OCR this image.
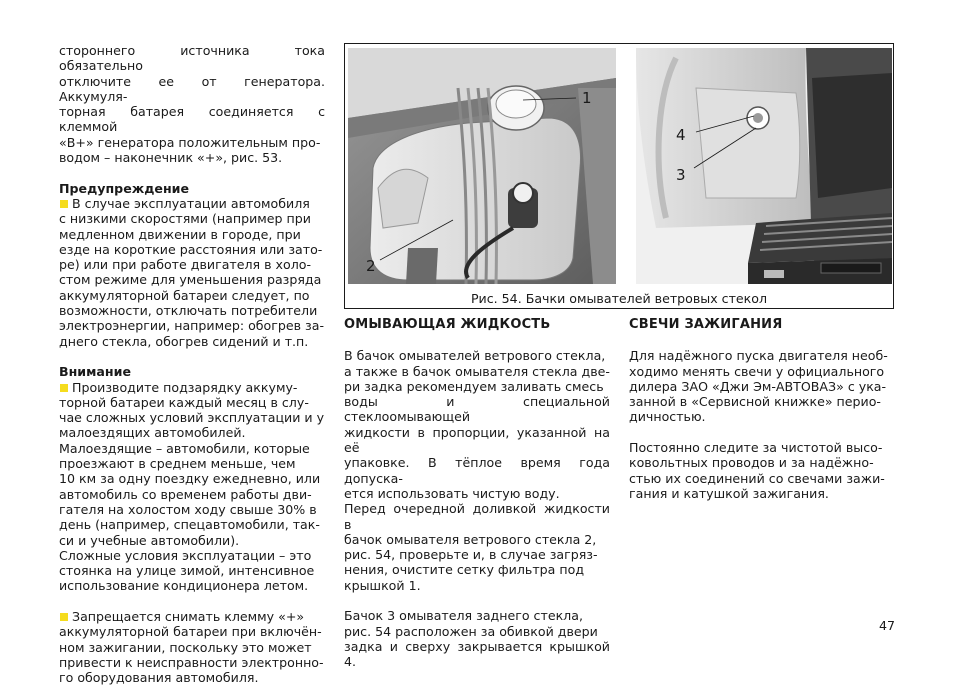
стороннего источника тока обязательно

отключите ее от генератора. Аккумуля-

торная батарея соединяется с клеммой

«В+» генератора положительным про-

водом – наконечник «+», рис. 53.

Предупреждение

В случае эксплуатации автомобиля

с низкими скоростями (например при

медленном движении в городе, при

езде на короткие расстояния или зато-

ре) или при работе двигателя в холо-

стом режиме для уменьшения разряда

аккумуляторной батареи следует, по

возможности, отключать потребители

электроэнергии, например: обогрев за-

днего стекла, обогрев сидений и т.п.

Внимание

Производите подзарядку аккуму-

торной батареи каждый месяц в слу-

чае сложных условий эксплуатации и у

малоездящих автомобилей.

Малоездящие – автомобили, которые

проезжают в среднем меньше, чем

10 км за одну поездку ежедневно, или

автомобиль со временем работы дви-

гателя на холостом ходу свыше 30% в

день (например, спецавтомобили, так-

си и учебные автомобили).

Сложные условия эксплуатации – это

стоянка на улице зимой, интенсивное

использование кондиционера летом.

Запрещается снимать клемму «+»

аккумуляторной батареи при включён-

ном зажигании, поскольку это может

привести к неисправности электронно-

го оборудования автомобиля.

1
2
4
3
Рис. 54. Бачки омывателей ветровых стекол

ОМЫВАЮЩАЯ ЖИДКОСТЬ

В бачок омывателей ветрового стекла,

а также в бачок омывателя стекла две-

ри задка рекомендуем заливать смесь

воды и специальной стеклоомывающей

жидкости в пропорции, указанной на её

упаковке. В тёплое время года допуска-

ется использовать чистую воду.

Перед очередной доливкой жидкости в

бачок омывателя ветрового стекла 2,

рис. 54, проверьте и, в случае загряз-

нения, очистите сетку фильтра под

крышкой 1.

Бачок 3 омывателя заднего стекла,

рис. 54 расположен за обивкой двери

задка и сверху закрывается крышкой 4.

СВЕЧИ ЗАЖИГАНИЯ

Для надёжного пуска двигателя необ-

ходимо менять свечи у официального

дилера ЗАО «Джи Эм-АВТОВАЗ» с ука-

занной в «Сервисной книжке» перио-

дичностью.

Постоянно следите за чистотой высо-

ковольтных проводов и за надёжно-

стью их соединений со свечами зажи-

гания и катушкой зажигания.

47
